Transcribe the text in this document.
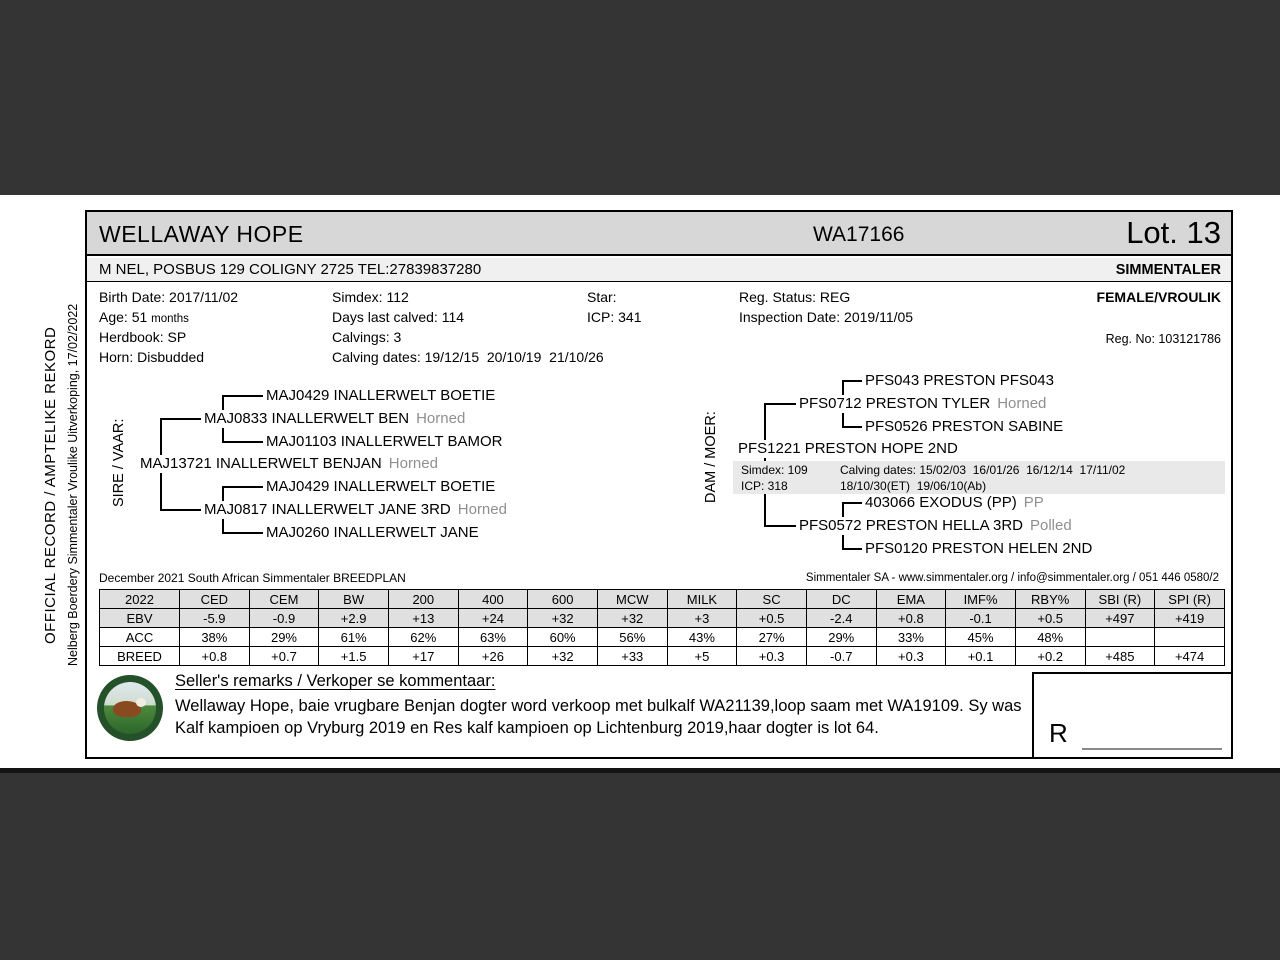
OFFICIAL RECORD / AMPTELIKE REKORD Nelberg Boerdery Simmentaler Vroulike Uitverkoping, 17/02/2022
WELLAWAY HOPE	WA17166	Lot. 13
M NEL, POSBUS 129 COLIGNY 2725 TEL:27839837280	SIMMENTALER
Birth Date: 2017/11/02	Simdex: 112	Star:	Reg. Status: REG	FEMALE/VROULIK
Age: 51 months	Days last calved: 114	ICP: 341	Inspection Date: 2019/11/05
Herdbook: SP	Calvings: 3	Reg. No: 103121786
Horn: Disbudded	Calving dates: 19/12/15  20/10/19  21/10/26
SIRE / VAAR:
MAJ0429 INALLERWELT BOETIE
MAJ0833 INALLERWELT BEN Horned
MAJ01103 INALLERWELT BAMOR
MAJ13721 INALLERWELT BENJAN Horned
MAJ0429 INALLERWELT BOETIE
MAJ0817 INALLERWELT JANE 3RD Horned
MAJ0260 INALLERWELT JANE
DAM / MOER:
PFS043 PRESTON PFS043
PFS0712 PRESTON TYLER Horned
PFS0526 PRESTON SABINE
PFS1221 PRESTON HOPE 2ND
Simdex: 109	Calving dates: 15/02/03  16/01/26  16/12/14  17/11/02
ICP: 318	18/10/30(ET)  19/06/10(Ab)
403066 EXODUS (PP) PP
PFS0572 PRESTON HELLA 3RD Polled
PFS0120 PRESTON HELEN 2ND
December 2021 South African Simmentaler BREEDPLAN	Simmentaler SA - www.simmentaler.org / info@simmentaler.org / 051 446 0580/2
2022	CED	CEM	BW	200	400	600	MCW	MILK	SC	DC	EMA	IMF%	RBY%	SBI (R)	SPI (R)
EBV	-5.9	-0.9	+2.9	+13	+24	+32	+32	+3	+0.5	-2.4	+0.8	-0.1	+0.5	+497	+419
ACC	38%	29%	61%	62%	63%	60%	56%	43%	27%	29%	33%	45%	48%		
BREED	+0.8	+0.7	+1.5	+17	+26	+32	+33	+5	+0.3	-0.7	+0.3	+0.1	+0.2	+485	+474
Seller's remarks / Verkoper se kommentaar:
Wellaway Hope, baie vrugbare Benjan dogter word verkoop met bulkalf WA21139,loop saam met WA19109. Sy was Kalf kampioen op Vryburg 2019 en Res kalf kampioen op Lichtenburg 2019,haar dogter is lot 64.	R
